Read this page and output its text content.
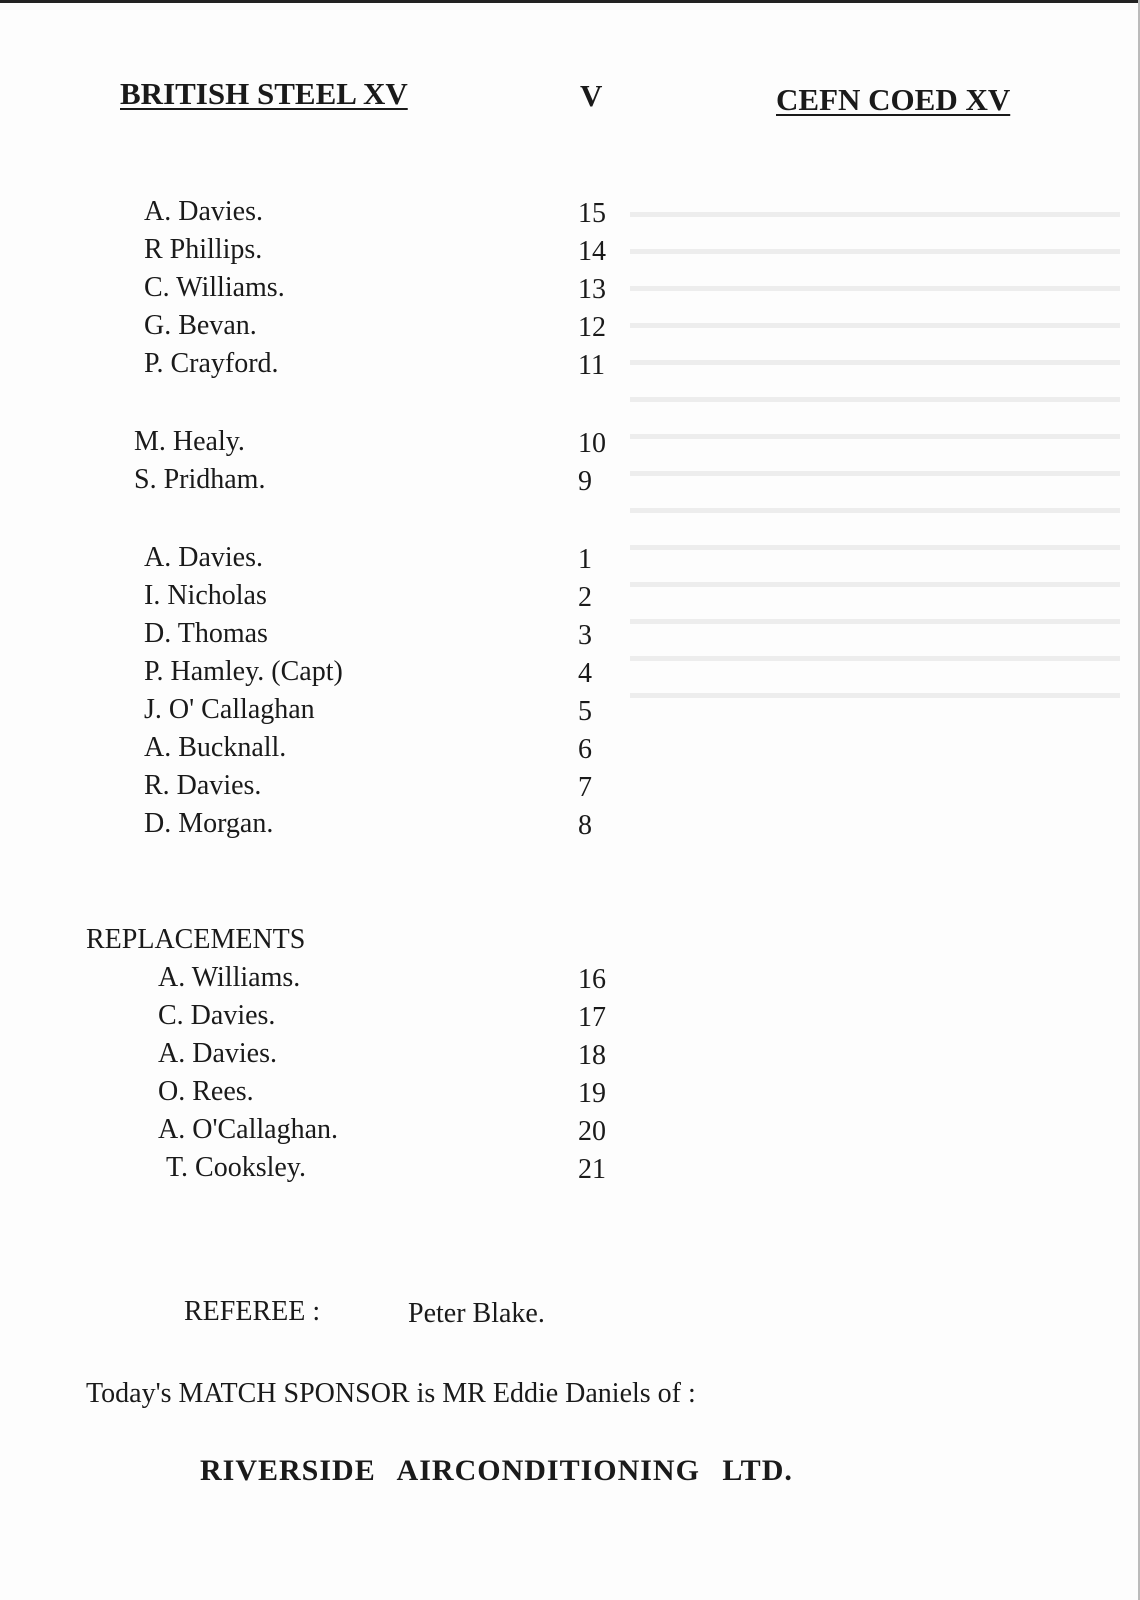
BRITISH STEEL XV	V	CEFN COED XV
A. Davies.	15
R Phillips.	14
C. Williams.	13
G. Bevan.	12
P. Crayford.	11
M. Healy.	10
S. Pridham.	9
A. Davies.	1
I. Nicholas	2
D. Thomas	3
P. Hamley. (Capt)	4
J. O' Callaghan	5
A. Bucknall.	6
R. Davies.	7
D. Morgan.	8
REPLACEMENTS
A. Williams.	16
C. Davies.	17
A. Davies.	18
O. Rees.	19
A. O'Callaghan.	20
T. Cooksley.	21
REFEREE :	Peter Blake.
Today's MATCH SPONSOR is MR Eddie Daniels of :
RIVERSIDE AIRCONDITIONING LTD.
